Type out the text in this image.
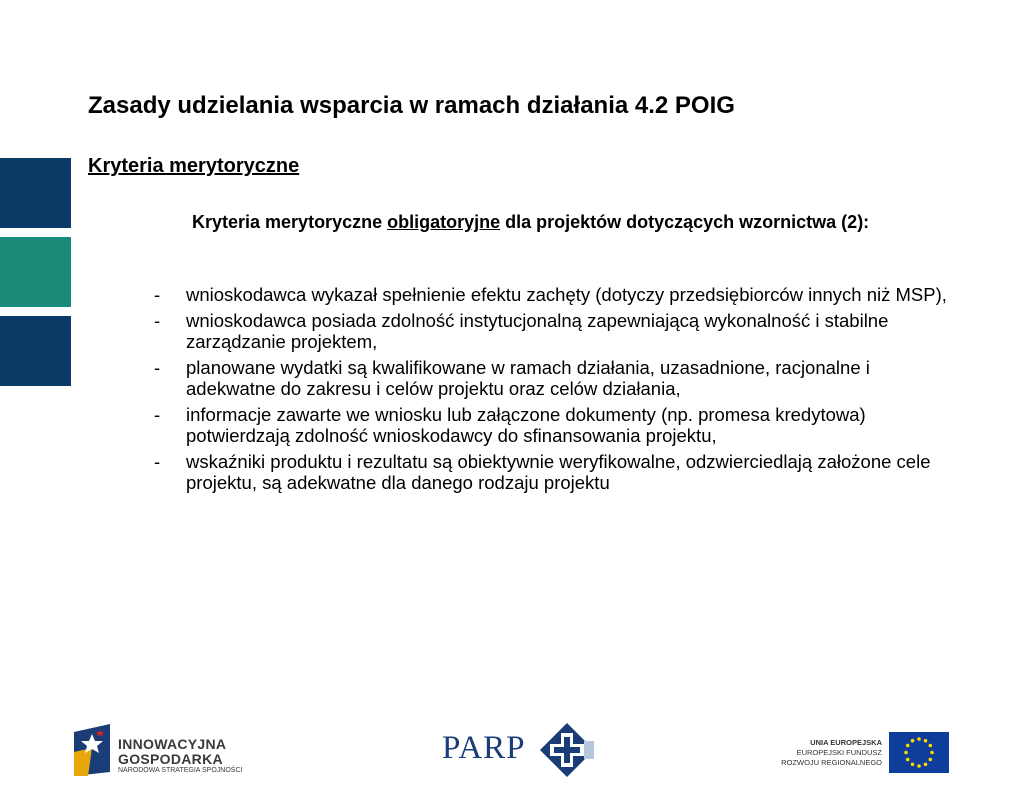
Zasady udzielania wsparcia w ramach działania 4.2 POIG
Kryteria merytoryczne
Kryteria merytoryczne obligatoryjne dla projektów dotyczących wzornictwa (2):
- wnioskodawca wykazał spełnienie efektu zachęty (dotyczy przedsiębiorców innych niż MSP),
- wnioskodawca posiada zdolność instytucjonalną zapewniającą wykonalność i stabilne zarządzanie projektem,
- planowane wydatki są kwalifikowane w ramach działania, uzasadnione, racjonalne i adekwatne do zakresu i celów projektu oraz celów działania,
- informacje zawarte we wniosku lub załączone dokumenty (np. promesa kredytowa) potwierdzają zdolność wnioskodawcy do sfinansowania projektu,
- wskaźniki produktu i rezultatu są obiektywnie weryfikowalne, odzwierciedlają założone cele projektu, są adekwatne dla danego rodzaju projektu
INNOWACYJNA
GOSPODARKA
NARODOWA STRATEGIA SPÓJNOŚCI
PARP	UNIA EUROPEJSKA
EUROPEJSKI FUNDUSZ
ROZWOJU REGIONALNEGO
